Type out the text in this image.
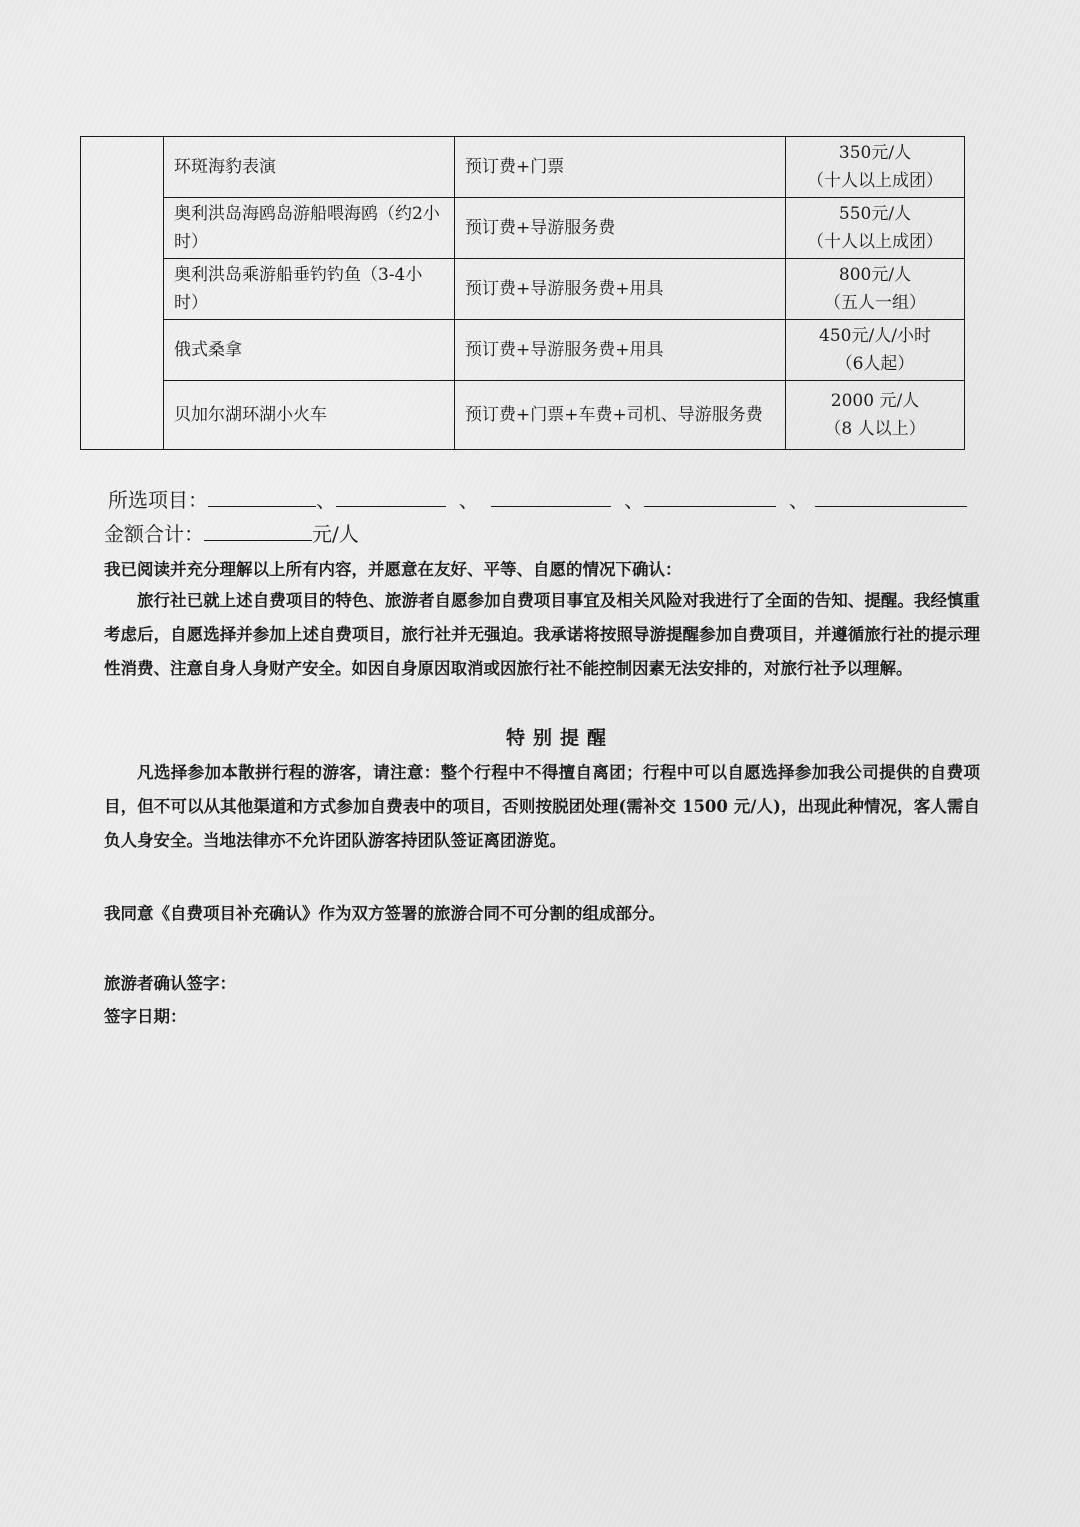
	环斑海豹表演	预订费+门票	350元/人
（十人以上成团）

	奥利洪岛海鸥岛游船喂海鸥（约2小时）	预订费+导游服务费	550元/人
（十人以上成团）

	奥利洪岛乘游船垂钓钓鱼（3-4小时）	预订费+导游服务费+用具	800元/人
（五人一组）

	俄式桑拿	预订费+导游服务费+用具	450元/人/小时
（6人起）

	贝加尔湖环湖小火车	预订费+门票+车费+司机、导游服务费	2000 元/人
（8 人以上）
所选项目：	、	、	、	、
金额合计：	元/人
我已阅读并充分理解以上所有内容，并愿意在友好、平等、自愿的情况下确认：

旅行社已就上述自费项目的特色、旅游者自愿参加自费项目事宜及相关风险对我进行了全面的告知、提醒。我经慎重考虑后，自愿选择并参加上述自费项目，旅行社并无强迫。我承诺将按照导游提醒参加自费项目，并遵循旅行社的提示理性消费、注意自身人身财产安全。如因自身原因取消或因旅行社不能控制因素无法安排的，对旅行社予以理解。

特别提醒

凡选择参加本散拼行程的游客，请注意：整个行程中不得擅自离团；行程中可以自愿选择参加我公司提供的自费项目，但不可以从其他渠道和方式参加自费表中的项目，否则按脱团处理(需补交 1500 元/人)，出现此种情况，客人需自负人身安全。当地法律亦不允许团队游客持团队签证离团游览。

我同意《自费项目补充确认》作为双方签署的旅游合同不可分割的组成部分。
旅游者确认签字：
签字日期：
